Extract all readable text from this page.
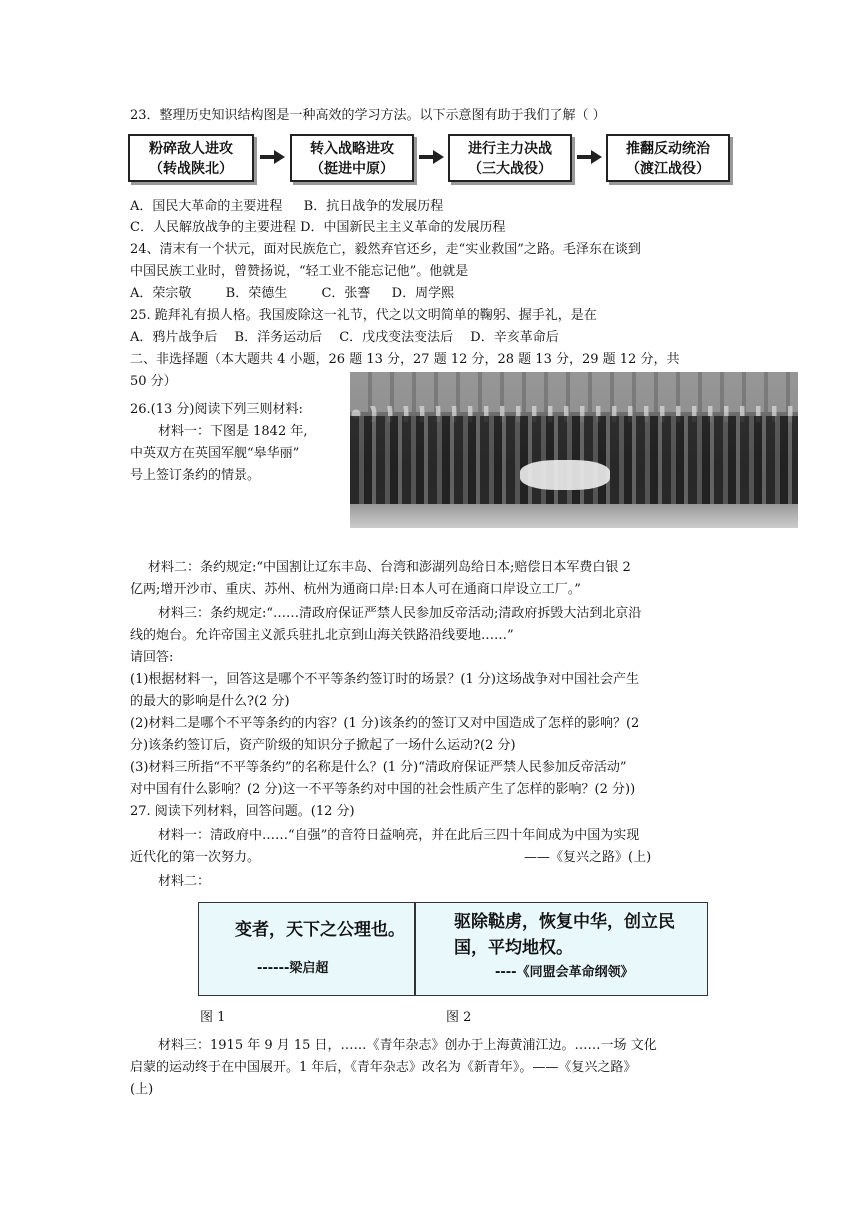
23．整理历史知识结构图是一种高效的学习方法。以下示意图有助于我们了解（ ）
粉碎敌人进攻
（转战陕北）
转入战略进攻
（挺进中原）
进行主力决战
（三大战役）
推翻反动统治
（渡江战役）
A．国民大革命的主要进程 　 B．抗日战争的发展历程
C．人民解放战争的主要进程 D．中国新民主主义革命的发展历程
24、清末有一个状元，面对民族危亡，毅然弃官还乡，走“实业救国”之路。毛泽东在谈到
中国民族工业时，曾赞扬说，“轻工业不能忘记他”。他就是
A．荣宗敬 　　 B．荣德生 　　 C．张謇 　 D．周学熙
25. 跪拜礼有损人格。我国废除这一礼节，代之以文明简单的鞠躬、握手礼，是在
A．鸦片战争后 　B．洋务运动后 　C．戊戌变法变法后 　D．辛亥革命后
二、非选择题（本大题共 4 小题，26 题 13 分，27 题 12 分，28 题 13 分，29 题 12 分，共
50 分）
26.(13 分)阅读下列三则材料:
材料一：下图是 1842 年,
中英双方在英国军舰“皋华丽”
号上签订条约的情景。
材料二：条约规定:“中国割让辽东丰岛、台湾和澎湖列岛给日本;赔偿日本军费白银 2
亿两;增开沙市、重庆、苏州、杭州为通商口岸:日本人可在通商口岸设立工厂。”
材料三：条约规定:“……清政府保证严禁人民参加反帝活动;清政府拆毁大沽到北京沿
线的炮台。允许帝国主义派兵驻扎北京到山海关铁路沿线要地……”
请回答:
(1)根据材料一，回答这是哪个不平等条约签订时的场景？(1 分)这场战争对中国社会产生
的最大的影响是什么?(2 分)
(2)材料二是哪个不平等条约的内容？(1 分)该条约的签订又对中国造成了怎样的影响？(2
分)该条约签订后，资产阶级的知识分子掀起了一场什么运动?(2 分)
(3)材料三所指“不平等条约”的名称是什么？(1 分)“清政府保证严禁人民参加反帝活动”
对中国有什么影响？(2 分)这一不平等条约对中国的社会性质产生了怎样的影响？(2 分))
27. 阅读下列材料，回答问题。(12 分)
材料一：清政府中……“自强”的音符日益响亮，并在此后三四十年间成为中国为实现
近代化的第一次努力。	——《复兴之路》(上)
材料二：
变者，天下之公理也。
------梁启超
驱除鞑虏，恢复中华，创立民国，平均地权。
----《同盟会革命纲领》
图 1	图 2
材料三：1915 年 9 月 15 日，……《青年杂志》创办于上海黄浦江边。……一场 文化
启蒙的运动终于在中国展开。1 年后，《青年杂志》改名为《新青年》。——《复兴之路》
(上)
